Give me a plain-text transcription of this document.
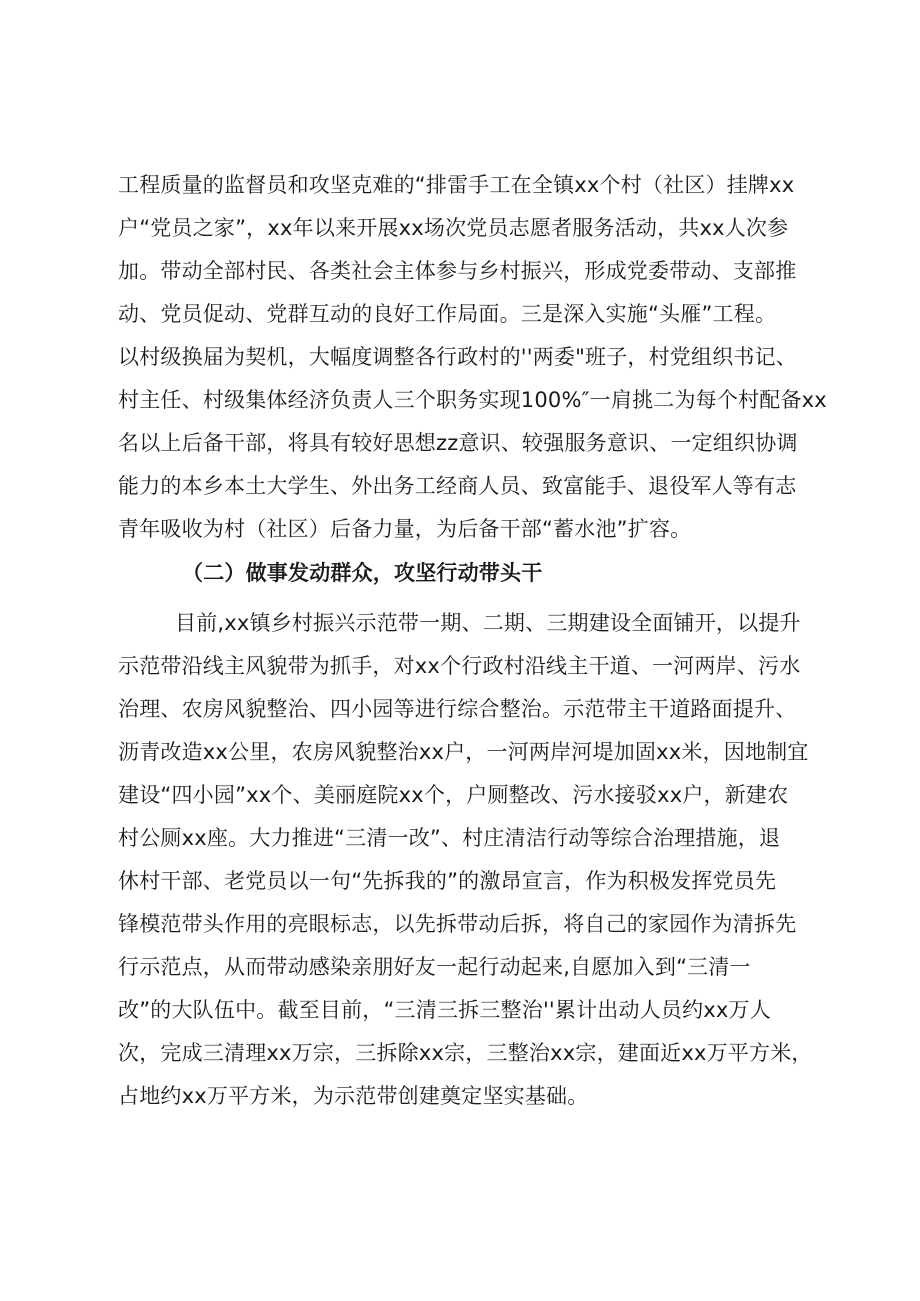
工程质量的监督员和攻坚克难的“排雷手工在全镇xx个村（社区）挂牌xx
户“党员之家”，xx年以来开展xx场次党员志愿者服务活动，共xx人次参
加。带动全部村民、各类社会主体参与乡村振兴，形成党委带动、支部推
动、党员促动、党群互动的良好工作局面。三是深入实施“头雁”工程。
以村级换届为契机，大幅度调整各行政村的''两委"班子，村党组织书记、
村主任、村级集体经济负责人三个职务实现100%″一肩挑二为每个村配备xx
名以上后备干部，将具有较好思想zz意识、较强服务意识、一定组织协调
能力的本乡本土大学生、外出务工经商人员、致富能手、退役军人等有志
青年吸收为村（社区）后备力量，为后备干部“蓄水池”扩容。
（二）做事发动群众，攻坚行动带头干
目前,xx镇乡村振兴示范带一期、二期、三期建设全面铺开，以提升
示范带沿线主风貌带为抓手，对xx个行政村沿线主干道、一河两岸、污水
治理、农房风貌整治、四小园等进行综合整治。示范带主干道路面提升、
沥青改造xx公里，农房风貌整治xx户，一河两岸河堤加固xx米，因地制宜
建设“四小园”xx个、美丽庭院xx个，户厕整改、污水接驳xx户，新建农
村公厕xx座。大力推进“三清一改”、村庄清洁行动等综合治理措施，退
休村干部、老党员以一句“先拆我的”的激昂宣言，作为积极发挥党员先
锋模范带头作用的亮眼标志，以先拆带动后拆，将自己的家园作为清拆先
行示范点，从而带动感染亲朋好友一起行动起来,自愿加入到“三清一
改”的大队伍中。截至目前，“三清三拆三整治''累计出动人员约xx万人
次，完成三清理xx万宗，三拆除xx宗，三整治xx宗，建面近xx万平方米，
占地约xx万平方米，为示范带创建奠定坚实基础。
